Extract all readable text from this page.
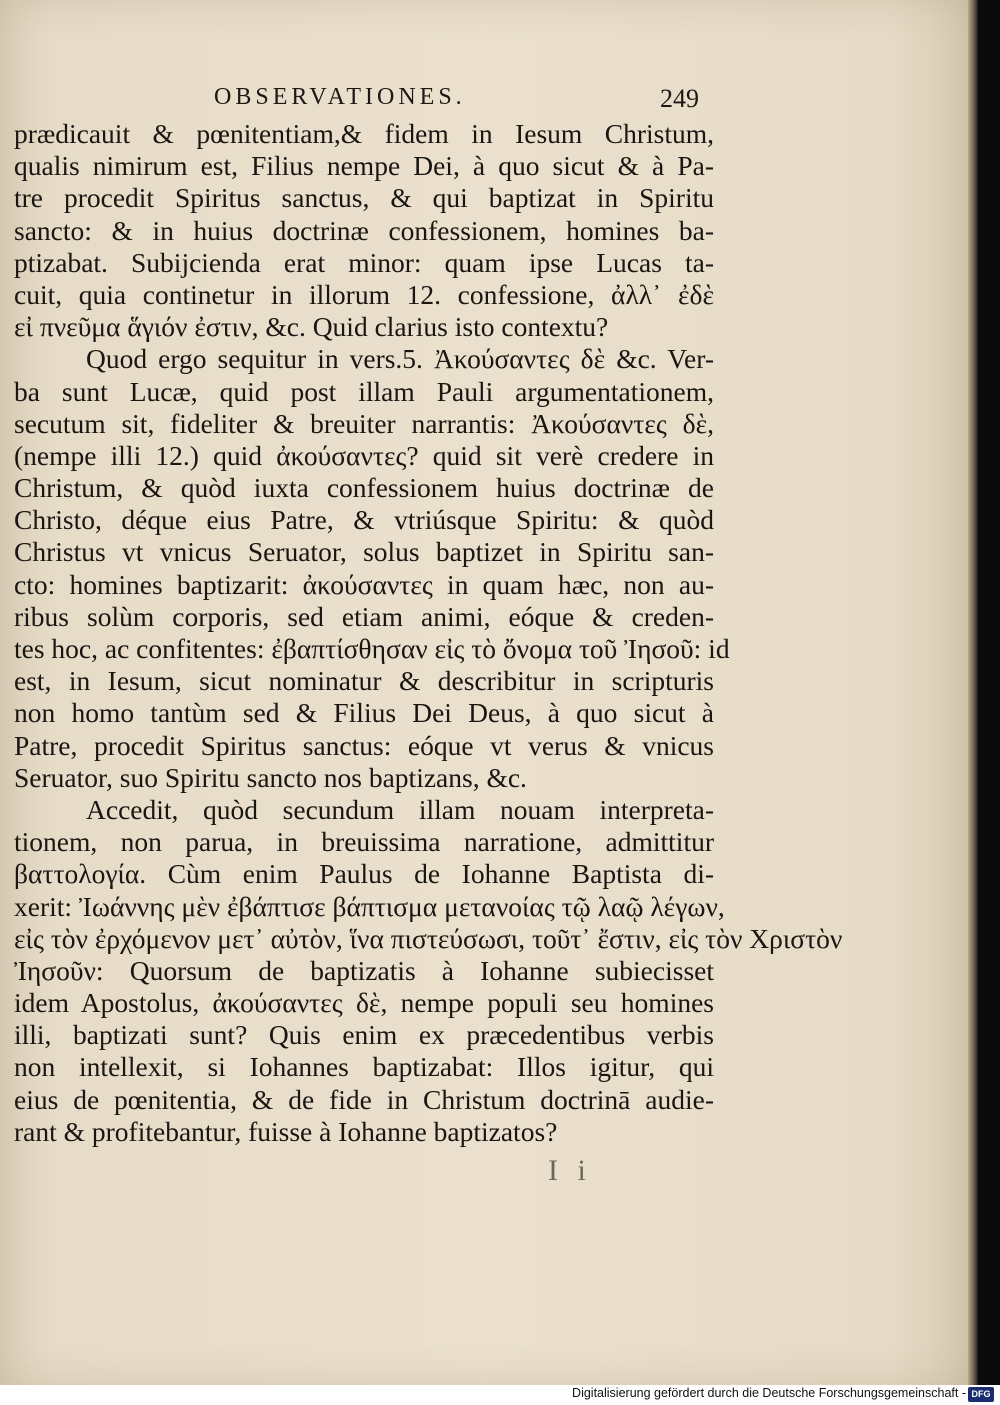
OBSERVATIONES.	249
prædicauit & pœnitentiam,& fidem in Iesum Christum,
qualis nimirum est, Filius nempe Dei, à quo sicut & à Pa-
tre procedit Spiritus sanctus, & qui baptizat in Spiritu
sancto: & in huius doctrinæ confessionem, homines ba-
ptizabat. Subijcienda erat minor: quam ipse Lucas ta-
cuit, quia continetur in illorum 12. confessione, ἀλλ᾽ ἐδὲ
εἰ πνεῦμα ἅγιόν ἐστιν, &c. Quid clarius isto contextu?
Quod ergo sequitur in vers.5. Ἀκούσαντες δὲ &c. Ver-
ba sunt Lucæ, quid post illam Pauli argumentationem,
secutum sit, fideliter & breuiter narrantis: Ἀκούσαντες δὲ,
(nempe illi 12.) quid ἀκούσαντες? quid sit verè credere in
Christum, & quòd iuxta confessionem huius doctrinæ de
Christo, déque eius Patre, & vtriúsque Spiritu: & quòd
Christus vt vnicus Seruator, solus baptizet in Spiritu san-
cto: homines baptizarit: ἀκούσαντες in quam hæc, non au-
ribus solùm corporis, sed etiam animi, eóque & creden-
tes hoc, ac confitentes: ἐβαπτίσθησαν εἰς τὸ ὄνομα τοῦ Ἰησοῦ: id
est, in Iesum, sicut nominatur & describitur in scripturis
non homo tantùm sed & Filius Dei Deus, à quo sicut à
Patre, procedit Spiritus sanctus: eóque vt verus & vnicus
Seruator, suo Spiritu sancto nos baptizans, &c.
Accedit, quòd secundum illam nouam interpreta-
tionem, non parua, in breuissima narratione, admittitur
βαττολογία. Cùm enim Paulus de Iohanne Baptista di-
xerit: Ἰωάννης μὲν ἐβάπτισε βάπτισμα μετανοίας τῷ λαῷ λέγων,
εἰς τὸν ἐρχόμενον μετ᾽ αὐτὸν, ἵνα πιστεύσωσι, τοῦτ᾽ ἔστιν, εἰς τὸν Χριστὸν
Ἰησοῦν: Quorsum de baptizatis à Iohanne subiecisset
idem Apostolus, ἀκούσαντες δὲ, nempe populi seu homines
illi, baptizati sunt? Quis enim ex præcedentibus verbis
non intellexit, si Iohannes baptizabat: Illos igitur, qui
eius de pœnitentia, & de fide in Christum doctrinā audie-
rant & profitebantur, fuisse à Iohanne baptizatos?
I i
Digitalisierung gefördert durch die Deutsche Forschungsgemeinschaft - DFG
